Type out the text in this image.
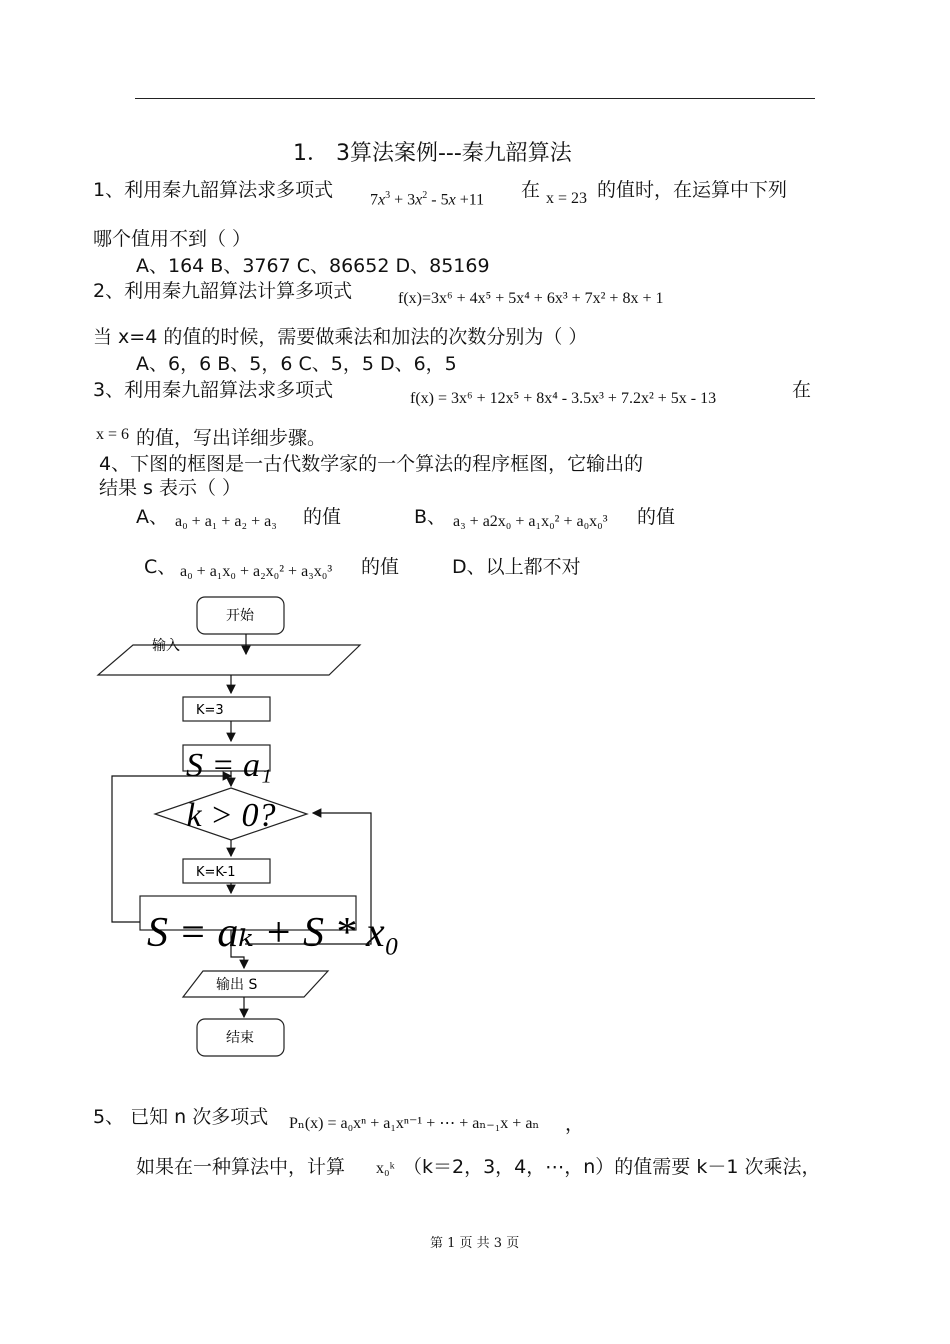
1． 3算法案例---秦九韶算法
1、利用秦九韶算法求多项式 $7x^3 + 3x^2 - 5x +11$ 在 x = 23 的值时，在运算中下列
哪个值用不到（ ）
A、164 B、3767 C、86652 D、85169
2、利用秦九韶算法计算多项式	f(x)=3x⁶ + 4x⁵ + 5x⁴ + 6x³ + 7x² + 8x + 1
当 x=4 的值的时候，需要做乘法和加法的次数分别为（ ）
A、6，6 B、5，6 C、5，5 D、6，5
3、利用秦九韶算法求多项式	f(x) = 3x⁶ + 12x⁵ + 8x⁴ - 3.5x³ + 7.2x² + 5x - 13	在
x = 6 的值，写出详细步骤。
4、下图的框图是一古代数学家的一个算法的程序框图，它输出的
结果 s 表示（ ）
A、 a₀ + a₁ + a₂ + a₃ 的值	B、 a₃ + a2x₀ + a₁x₀² + a₀x₀³ 的值
C、 a₀ + a₁x₀ + a₂x₀² + a₃x₀³ 的值	D、以上都不对
开始
输入
K=3
S = a₁
k > 0?
K=K-1
S = aₖ + S * x₀
输出 S
结束
5、 已知 n 次多项式 Pₙ(x) = a₀xⁿ + a₁xⁿ⁻¹ + ⋯ + aₙ₋₁x + aₙ ，
如果在一种算法中，计算 x₀ᵏ （k＝2，3，4，⋯，n）的值需要 k－1 次乘法，
第 1 页 共 3 页
